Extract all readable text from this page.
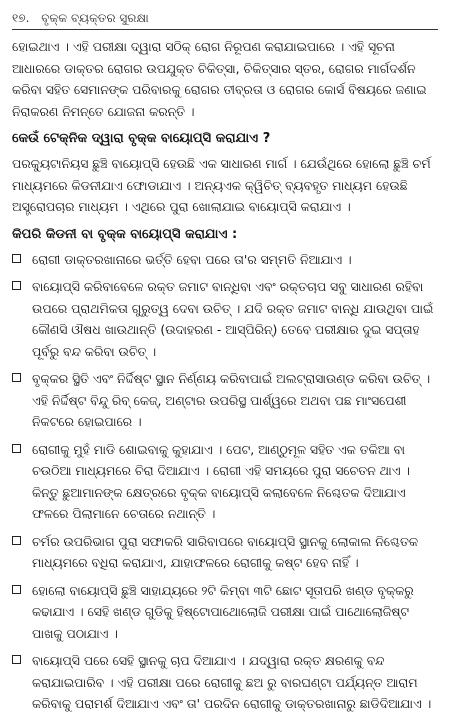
୧୭. ବୃକ୍କ ବ୍ୟକ୍ତର ସୁରକ୍ଷା

ହୋଇଥାଏ । ଏହି ପରୀକ୍ଷା ଦ୍ୱାରା ସଠିକ୍ ରୋଗ ନିରୂପଣ କରାଯାଇପାରେ । ଏହି ସୂଚନା ଆଧାରରେ ଡାକ୍ତର ରୋଗର ଉପଯୁକ୍ତ ଚିକିତ୍ସା, ଚିକିତ୍ସାର ସ୍ତର, ରୋଗର ମାର୍ଗଦର୍ଶନ କରିବା ସହିତ ସେମାନଙ୍କ ପରିବାରକୁ ରୋଗର ତୀବ୍ରତା ଓ ରୋଗର କୋର୍ସ ବିଷୟରେ ଜଣାଇ ନିରାକରଣ ନିମନ୍ତେ ଯୋଜନା କରନ୍ତି ।

କେଉଁ ଟେକ୍ନିକ ଦ୍ୱାରା ବୃକ୍କ ବାୟୋପ୍ସି କରାଯାଏ ?

ପରକ୍ୟୁଟାନିୟସ ଛୁଞ୍ଚି ବାୟୋପ୍ସି ହେଉଛି ଏକ ସାଧାରଣ ମାର୍ଗ । ଯେଉଁଥିରେ ହୋଲୋ ଛୁଞ୍ଚି ଚର୍ମ ମାଧ୍ୟମରେ କିଡନୀଯାଏ ଫୋଡାଯାଏ । ଅନ୍ୟଏକ କ୍ୱିଚିତ୍ ବ୍ୟବହୃତ ମାଧ୍ୟମ ହେଉଛି ଅସ୍ତ୍ରୋପଚାର ମାଧ୍ୟମ । ଏଥିରେ ପୁରା ଖୋଲାଯାଇ ବାୟୋପ୍ସି କରାଯାଏ ।

କିପରି କିଡନୀ ବା ବୃକ୍କ ବାୟୋପ୍ସି କରାଯାଏ :
ରୋଗୀ ଡାକ୍ତରଖାନାରେ ଭର୍ତ୍ତି ହେବା ପରେ ତା'ର ସମ୍ମତି ନିଆଯାଏ ।
ବାୟୋପ୍ସି କରିବାବେଳେ ରକ୍ତ ଜମାଟ ବାନ୍ଧିବା ଏବଂ ରକ୍ତଚାପ ସବୁ ସାଧାରଣ ରହିବା ଉପରେ ପ୍ରାଥମିକତା ଗୁରୁତ୍ୱ ଦେବା ଉଚିତ୍ । ଯଦି ରକ୍ତ ଜମାଟ ବାନ୍ଧି ଯାଉଥିବା ପାଇଁ କୌଣସି ଔଷଧ ଖାଉଥାନ୍ତି (ଉଦାହରଣ - ଆସ୍ପିରିନ୍) ତେବେ ପରୀକ୍ଷାର ଦୁଇ ସପ୍ତାହ ପୂର୍ବରୁ ବନ୍ଦ କରିବା ଉଚିତ୍ ।
ବୃକ୍କର ସ୍ଥିତି ଏବଂ ନିର୍ଦ୍ଦିଷ୍ଟ ସ୍ଥାନ ନିର୍ଣ୍ଣୟ କରିବାପାଇଁ ଅଲଟ୍ରାସାଉଣ୍ଡ କରିବା ଉଚିତ୍ । ଏହି ନିର୍ଦ୍ଦିଷ୍ଟ ବିନ୍ଦୁ ରିବ୍ କେଜ୍, ଅଣ୍ଟାର ଉପରିସ୍ଥ ପାର୍ଶ୍ୱରେ ଅଥବା ପଛ ମାଂସପେଶୀ ନିକଟରେ ହୋଇପାରେ ।
ରୋଗୀକୁ ମୁହଁ ମାଡି ଶୋଇବାକୁ କୁହାଯାଏ । ପେଟ, ଆଣ୍ଠୁମୂଳ ସହିତ ଏକ ତକିଆ ବା ଚଉଠିଆ ମାଧ୍ୟମରେ ଚିରା ଦିଆଯାଏ । ରୋଗୀ ଏହି ସମୟରେ ପୁରା ସଚେତନ ଥାଏ । କିନ୍ତୁ ଛୁଆମାନଙ୍କ କ୍ଷେତ୍ରରେ ବୃକ୍କ ବାୟୋପ୍ସି କଲାବେଳେ ନିଶ୍ଚେତକ ଦିଆଯାଏ ଫଳରେ ପିଲାମାନେ ଚେତାରେ ନଥାନ୍ତି ।
ଚର୍ମର ଉପରିଭାଗ ପୁରା ସଫାକରି ସାରିବାପରେ ବାୟୋପ୍ସି ସ୍ଥାନକୁ ଲୋକାଲ ନିଶ୍ଚେତକ ମାଧ୍ୟମରେ ବଧିରା କରାଯାଏ, ଯାହାଫଳରେ ରୋଗୀକୁ କଷ୍ଟ ହେବ ନାହିଁ ।
ହୋଲୋ ବାୟୋପ୍ସି ଛୁଞ୍ଚି ସାହାଯ୍ୟରେ ୨ଟି କିମ୍ବା ୩ଟି ଛୋଟ ସୂତାପରି ଖଣ୍ଡ ବୃକ୍କରୁ କଢାଯାଏ । ସେହି ଖଣ୍ଡ ଗୁଡିକୁ ହିଷ୍ଟୋପାଥୋଲୋଜି ପରୀକ୍ଷା ପାଇଁ ପାଥୋଲୋଜିଷ୍ଟ ପାଖକୁ ପଠାଯାଏ ।
ବାୟୋପ୍ସି ପରେ ସେହି ସ୍ଥାନକୁ ଚାପ ଦିଆଯାଏ । ଯଦ୍ୱାରା ରକ୍ତ କ୍ଷରଣକୁ ବନ୍ଦ କରାଯାଇପାରିବ । ଏହି ପରୀକ୍ଷା ପରେ ରୋଗୀକୁ ଛଅ ରୁ ବାରଘଣ୍ଟା ପର୍ଯ୍ୟନ୍ତ ଆରାମ କରିବାକୁ ପରାମର୍ଶ ଦିଆଯାଏ ଏବଂ ତା' ପରଦିନ ରୋଗୀକୁ ଡାକ୍ତରଖାନାରୁ ଛାଡିଦିଆଯାଏ ।
